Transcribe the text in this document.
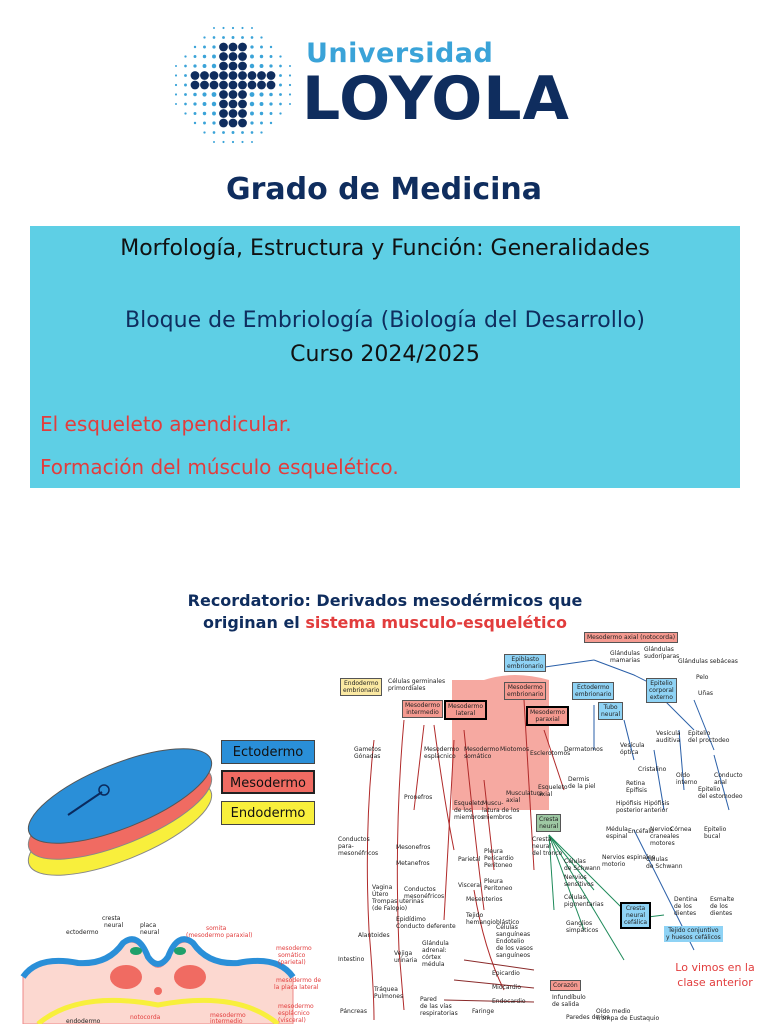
Universidad
LOYOLA
Grado de Medicina
Morfología, Estructura y Función: Generalidades
Bloque de Embriología (Biología del Desarrollo)
Curso 2024/2025
El esqueleto apendicular.
Formación del músculo esquelético.
Recordatorio: Derivados mesodérmicos que
originan el sistema musculo-esquelético
Ectodermo
Mesodermo
Endodermo
ectodermo
cresta
neural	placa
neural
somita
(mesodermo paraxial)
mesodermo
somático
(parietal)
mesodermo de
la placa lateral
mesodermo
esplácnico
(visceral)
notocorda
endodermo
mesodermo
intermedio
Mesodermo axial (notocorda)
Epiblasto
embrionario
Endodermo
embrionario
Células germinales
primordiales	Mesodermo
embrionario
Mesodermo
intermedio
Mesodermo
lateral	Mesodermo
paraxial
Ectodermo
embrionario
Tubo
neural
Epitelio
corporal
externo
Glándulas
mamarias
Glándulas
sudoríparas
Glándulas sebáceas
Pelo
Uñas
Gametos
Gónadas
Mesodermo
esplácnico
Mesodermo
somático
Miotomos
Esclerotomos
Dermatomos
Vesícula
óptica
Vesícula
auditiva
Epitelio
del proctodeo
Cristalino
Retina
Epífisis
Oído
interno
Conducto
anal
Epitelio
del estomodeo
Esqueleto
de los
miembros
Muscu-
latura de los
miembros
Musculatura
axial
Esqueleto
axial
Dermis
de la piel
Pronefros
Hipófisis
posterior
Hipófisis
anterior
Cresta
neural	Médula
espinal
Encéfalo
Nervios
craneales
motores
Córnea Epitelio
bucal
Conductos
para-
mesonéfricos
Mesonefros
Metanefros
Parietal
Pleura
Pericardio
Peritoneo
Cresta
neural
del tronco
Células
de Schwann
Nervios espinales
motorio
Células
de Schwann
Vagina
Útero
Trompas uterinas
(de Falopio)
Conductos
mesonéfricos
Epidídimo
Conducto deferente
Visceral
Pleura
Peritoneo
Mesenterios
Nervios
sensitivos
Células
pigmentarias
Tejido
hemangioblástico
Células
sanguíneas
Endotelio
de los vasos
sanguíneos
Ganglios
simpáticos
Cresta
neural
cefálica
Dentina
de los
dientes
Esmalte
de los
dientes
Tejido conjuntivo
y huesos cefálicos
Alantoides
Intestino
Vejiga
urinaria
Glándula
adrenal:
córtex
médula
Epicardio
Miocardio
Endocardio
Corazón
Infundíbulo
de salida
Tráquea
Pulmones	Pared
de las vías
respiratorias
Páncreas	Faringe
Paredes de los
Oído medio
Trompa de Eustaquio
Lo vimos en la
clase anterior
